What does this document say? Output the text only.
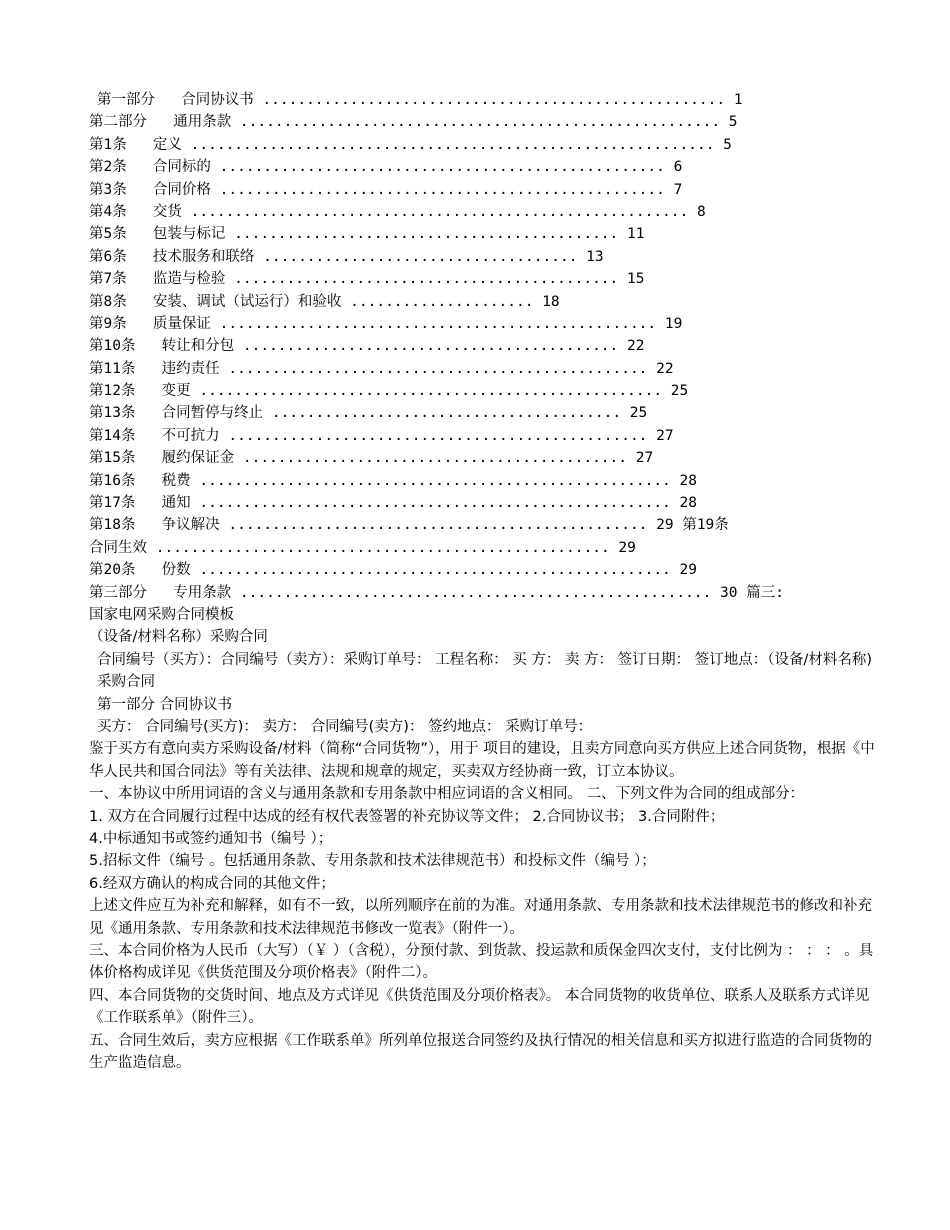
第一部分   合同协议书 ..................................................... 1
第二部分   通用条款 ....................................................... 5
第1条   定义 ............................................................ 5
第2条   合同标的 ................................................... 6
第3条   合同价格 ................................................... 7
第4条   交货 ......................................................... 8
第5条   包装与标记 ............................................ 11
第6条   技术服务和联络 .................................... 13
第7条   监造与检验 ............................................ 15
第8条   安装、调试（试运行）和验收 ..................... 18
第9条   质量保证 .................................................. 19
第10条   转让和分包 ........................................... 22
第11条   违约责任 ................................................ 22
第12条   变更 ..................................................... 25
第13条   合同暂停与终止 ........................................ 25
第14条   不可抗力 ................................................ 27
第15条   履约保证金 ............................................ 27
第16条   税费 ...................................................... 28
第17条   通知 ...................................................... 28
第18条   争议解决 ................................................ 29 第19条
合同生效 .................................................... 29
第20条   份数 ...................................................... 29
第三部分   专用条款 ...................................................... 30 篇三:
国家电网采购合同模板
（设备/材料名称）采购合同
合同编号（买方）：合同编号（卖方）：采购订单号： 工程名称： 买 方： 卖 方： 签订日期： 签订地点：（设备/材料名称)采购合同
第一部分 合同协议书
买方： 合同编号(买方)： 卖方： 合同编号(卖方)： 签约地点： 采购订单号：
鉴于买方有意向卖方采购设备/材料（简称“合同货物”），用于 项目的建设，且卖方同意向买方供应上述合同货物，根据《中华人民共和国合同法》等有关法律、法规和规章的规定，买卖双方经协商一致，订立本协议。
一、本协议中所用词语的含义与通用条款和专用条款中相应词语的含义相同。 二、下列文件为合同的组成部分：
1. 双方在合同履行过程中达成的经有权代表签署的补充协议等文件； 2.合同协议书； 3.合同附件；
4.中标通知书或签约通知书（编号 ）；
5.招标文件（编号 。包括通用条款、专用条款和技术法律规范书）和投标文件（编号 ）；
6.经双方确认的构成合同的其他文件；
上述文件应互为补充和解释，如有不一致，以所列顺序在前的为准。对通用条款、专用条款和技术法律规范书的修改和补充见《通用条款、专用条款和技术法律规范书修改一览表》（附件一）。
三、本合同价格为人民币（大写）（￥ ）（含税），分预付款、到货款、投运款和质保金四次支付，支付比例为 ： ： ： 。具体价格构成详见《供货范围及分项价格表》（附件二）。
四、本合同货物的交货时间、地点及方式详见《供货范围及分项价格表》。 本合同货物的收货单位、联系人及联系方式详见《工作联系单》（附件三）。
五、合同生效后，卖方应根据《工作联系单》所列单位报送合同签约及执行情况的相关信息和买方拟进行监造的合同货物的生产监造信息。
